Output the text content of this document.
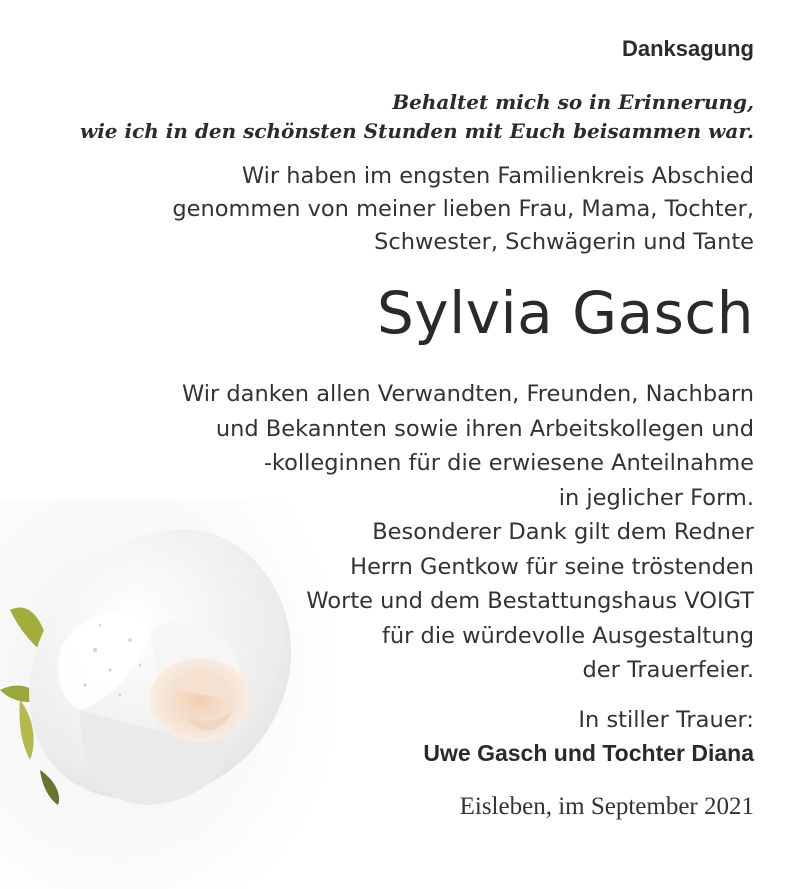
Danksagung

Behaltet mich so in Erinnerung,
wie ich in den schönsten Stunden mit Euch beisammen war.

Wir haben im engsten Familienkreis Abschied
genommen von meiner lieben Frau, Mama, Tochter,
Schwester, Schwägerin und Tante

Sylvia Gasch

Wir danken allen Verwandten, Freunden, Nachbarn
und Bekannten sowie ihren Arbeitskollegen und
-kolleginnen für die erwiesene Anteilnahme
in jeglicher Form.
Besonderer Dank gilt dem Redner
Herrn Gentkow für seine tröstenden
Worte und dem Bestattungshaus VOIGT
für die würdevolle Ausgestaltung
der Trauerfeier.

In stiller Trauer:

Uwe Gasch und Tochter Diana

Eisleben, im September 2021
